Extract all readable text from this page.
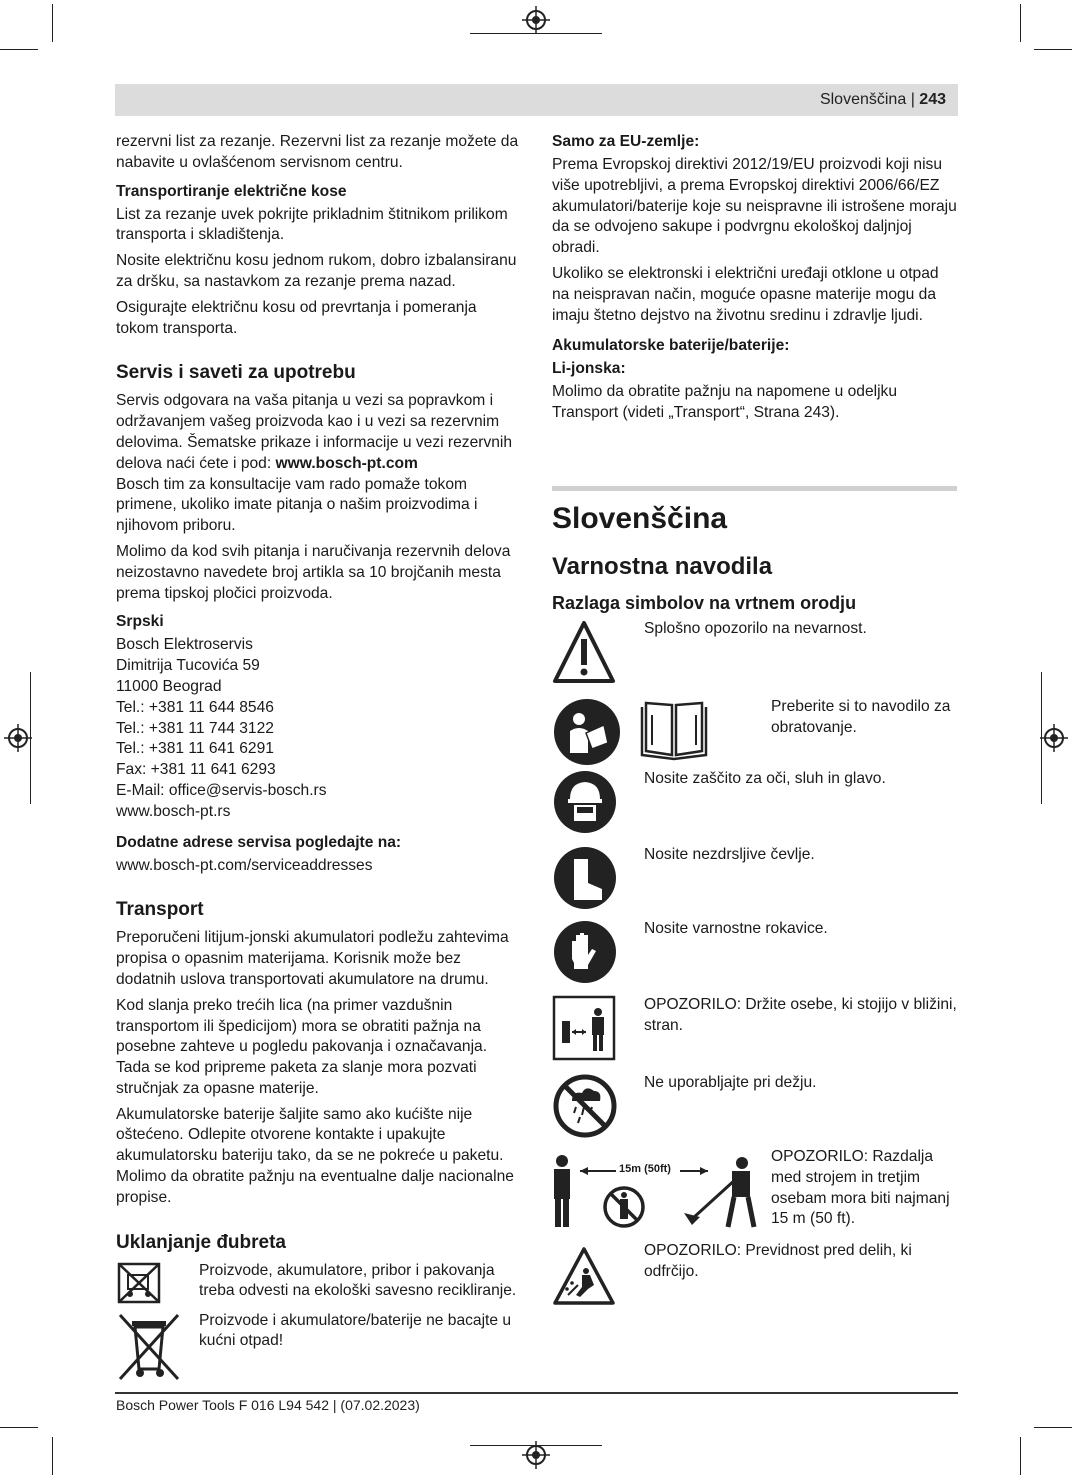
Slovenščina | 243

rezervni list za rezanje. Rezervni list za rezanje možete da nabavite u ovlašćenom servisnom centru.

Transportiranje električne kose

List za rezanje uvek pokrijte prikladnim štitnikom prilikom transporta i skladištenja.

Nosite električnu kosu jednom rukom, dobro izbalansiranu za dršku, sa nastavkom za rezanje prema nazad.

Osigurajte električnu kosu od prevrtanja i pomeranja tokom transporta.

Servis i saveti za upotrebu

Servis odgovara na vaša pitanja u vezi sa popravkom i održavanjem vašeg proizvoda kao i u vezi sa rezervnim delovima. Šematske prikaze i informacije u vezi rezervnih delova naći ćete i pod: www.bosch-pt.com

Bosch tim za konsultacije vam rado pomaže tokom primene, ukoliko imate pitanja o našim proizvodima i njihovom priboru.

Molimo da kod svih pitanja i naručivanja rezervnih delova neizostavno navedete broj artikla sa 10 brojčanih mesta prema tipskoj pločici proizvoda.

Srpski

Bosch Elektroservis

Dimitrija Tucovića 59

11000 Beograd

Tel.: +381 11 644 8546

Tel.: +381 11 744 3122

Tel.: +381 11 641 6291

Fax: +381 11 641 6293

E-Mail: office@servis-bosch.rs

www.bosch-pt.rs

Dodatne adrese servisa pogledajte na:

www.bosch-pt.com/serviceaddresses

Transport

Preporučeni litijum-jonski akumulatori podležu zahtevima propisa o opasnim materijama. Korisnik može bez dodatnih uslova transportovati akumulatore na drumu.

Kod slanja preko trećih lica (na primer vazdušnin transportom ili špedicijom) mora se obratiti pažnja na posebne zahteve u pogledu pakovanja i označavanja. Tada se kod pripreme paketa za slanje mora pozvati stručnjak za opasne materije.

Akumulatorske baterije šaljite samo ako kućište nije oštećeno. Odlepite otvorene kontakte i upakujte akumulatorsku bateriju tako, da se ne pokreće u paketu. Molimo da obratite pažnju na eventualne dalje nacionalne propise.

Uklanjanje đubreta
Proizvode, akumulatore, pribor i pakovanja treba odvesti na ekološki savesno recikliranje.
Proizvode i akumulatore/baterije ne bacajte u kućni otpad!
Samo za EU-zemlje:

Prema Evropskoj direktivi 2012/19/EU proizvodi koji nisu više upotrebljivi, a prema Evropskoj direktivi 2006/66/EZ akumulatori/baterije koje su neispravne ili istrošene moraju da se odvojeno sakupe i podvrgnu ekološkoj daljnjoj obradi.

Ukoliko se elektronski i električni uređaji otklone u otpad na neispravan način, moguće opasne materije mogu da imaju štetno dejstvo na životnu sredinu i zdravlje ljudi.

Akumulatorske baterije/baterije:
Li-jonska:

Molimo da obratite pažnju na napomene u odeljku Transport (videti „Transport“, Strana 243).

Slovenščina
Varnostna navodila
Razlaga simbolov na vrtnem orodju
Splošno opozorilo na nevarnost.
Preberite si to navodilo za obratovanje.
Nosite zaščito za oči, sluh in glavo.
Nosite nezdrsljive čevlje.
Nosite varnostne rokavice.
OPOZORILO: Držite osebe, ki stojijo v bližini, stran.
Ne uporabljajte pri dežju.
15m (50ft)
OPOZORILO: Razdalja med strojem in tretjim osebam mora biti najmanj 15 m (50 ft).
OPOZORILO: Previdnost pred delih, ki odfrčijo.
Bosch Power Tools F 016 L94 542 | (07.02.2023)
